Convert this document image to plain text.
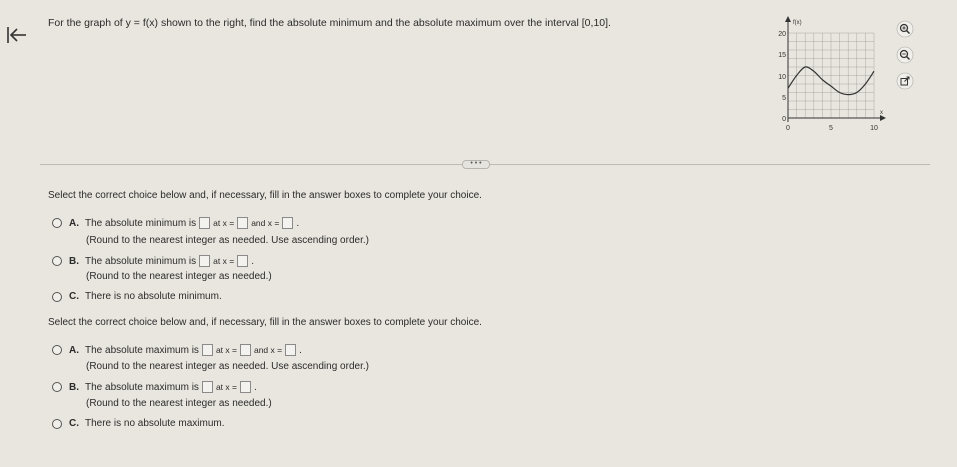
For the graph of y = f(x) shown to the right, find the absolute minimum and the absolute maximum over the interval [0,10].	f(x)
x
20
15
10
5
0
0	5	10
• • •
Select the correct choice below and, if necessary, fill in the answer boxes to complete your choice.
A. The absolute minimum is at x = and x = .
(Round to the nearest integer as needed. Use ascending order.)
B. The absolute minimum is at x = .
(Round to the nearest integer as needed.)
C. There is no absolute minimum.
Select the correct choice below and, if necessary, fill in the answer boxes to complete your choice.
A. The absolute maximum is at x = and x = .
(Round to the nearest integer as needed. Use ascending order.)
B. The absolute maximum is at x = .
(Round to the nearest integer as needed.)
C. There is no absolute maximum.
